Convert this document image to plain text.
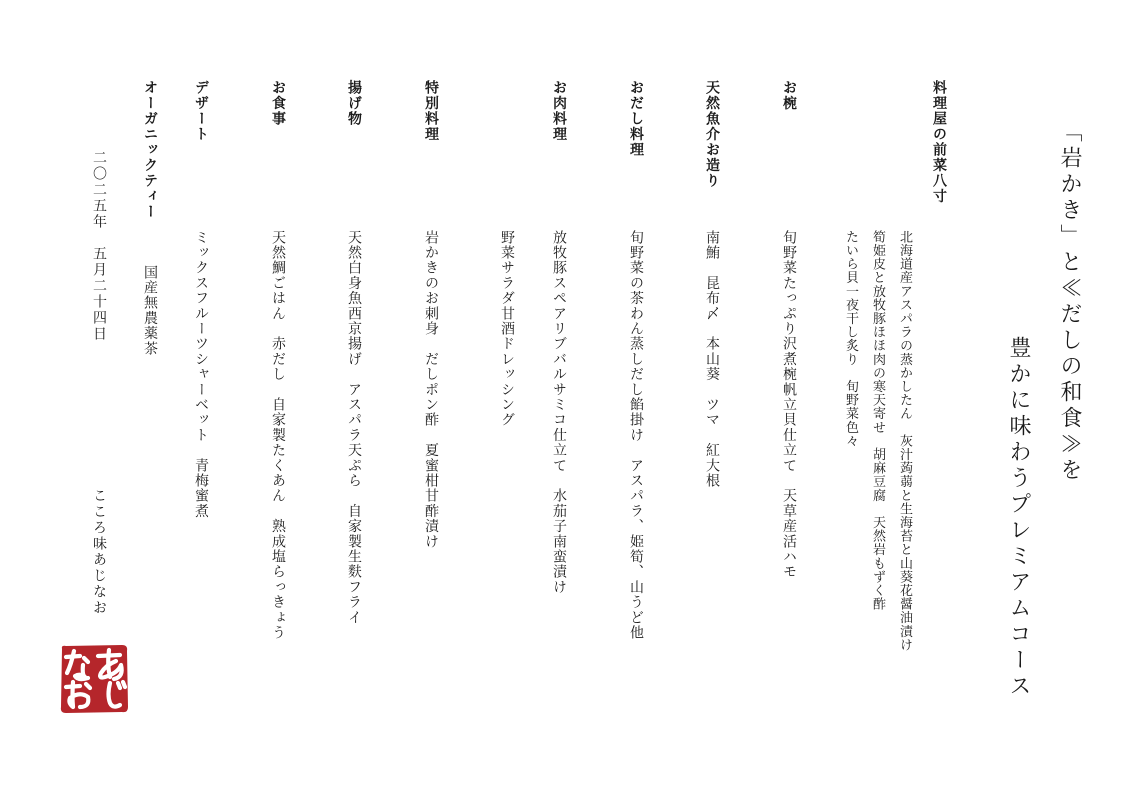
「岩かき」と≪だしの和食≫を
豊かに味わうプレミアムコース
料理屋の前菜八寸
北海道産アスパラの蒸かしたん　灰汁蒟蒻と生海苔と山葵花醤油漬け
筍姫皮と放牧豚ほほ肉の寒天寄せ　胡麻豆腐　天然岩もずく酢
たいら貝一夜干し炙り　旬野菜色々
お椀
旬野菜たっぷり沢煮椀帆立貝仕立て　天草産活ハモ
天然魚介お造り
南鮪　昆布〆　本山葵　ツマ　紅大根
おだし料理
旬野菜の茶わん蒸しだし餡掛け　アスパラ、姫筍、山うど他
お肉料理
放牧豚スペアリブバルサミコ仕立て　水茄子南蛮漬け
野菜サラダ甘酒ドレッシング
特別料理
岩かきのお刺身　だしポン酢　夏蜜柑甘酢漬け
揚げ物
天然白身魚西京揚げ　アスパラ天ぷら　自家製生麩フライ
お食事
天然鯛ごはん　赤だし　自家製たくあん　熟成塩らっきょう
デザート
ミックスフルーツシャーベット　青梅蜜煮
オーガニックティー
国産無農薬茶
二〇二五年　五月二十四日
こころ味あじなお
